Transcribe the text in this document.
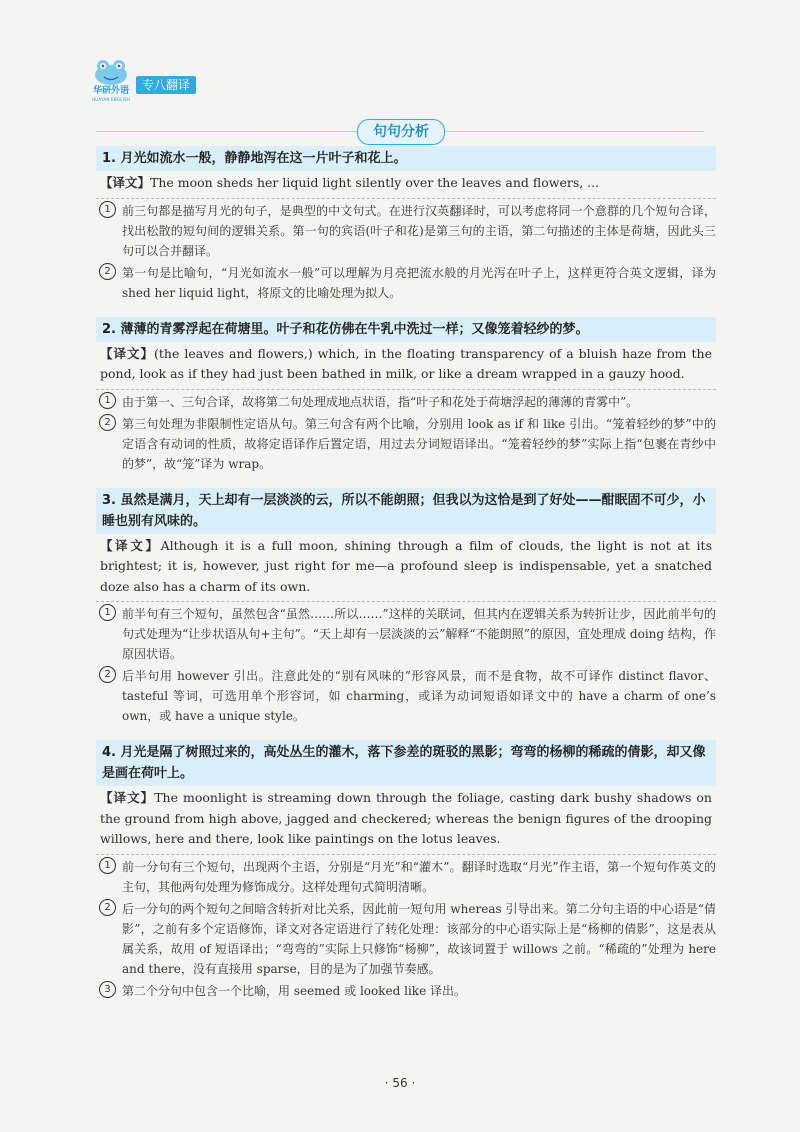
华研外语
HUAYAN ENGLISH
专八翻译
句句分析
1. 月光如流水一般，静静地泻在这一片叶子和花上。
【译文】The moon sheds her liquid light silently over the leaves and flowers, ...
1 前三句都是描写月光的句子，是典型的中文句式。在进行汉英翻译时，可以考虑将同一个意群的几个短句合译，找出松散的短句间的逻辑关系。第一句的宾语(叶子和花)是第三句的主语，第二句描述的主体是荷塘，因此头三句可以合并翻译。
2 第一句是比喻句，“月光如流水一般”可以理解为月亮把流水般的月光泻在叶子上，这样更符合英文逻辑，译为 shed her liquid light，将原文的比喻处理为拟人。
2. 薄薄的青雾浮起在荷塘里。叶子和花仿佛在牛乳中洗过一样；又像笼着轻纱的梦。
【译文】(the leaves and flowers,) which, in the floating transparency of a bluish haze from the pond, look as if they had just been bathed in milk, or like a dream wrapped in a gauzy hood.
1 由于第一、三句合译，故将第二句处理成地点状语，指“叶子和花处于荷塘浮起的薄薄的青雾中”。
2 第三句处理为非限制性定语从句。第三句含有两个比喻，分别用 look as if 和 like 引出。“笼着轻纱的梦”中的定语含有动词的性质，故将定语译作后置定语，用过去分词短语译出。“笼着轻纱的梦”实际上指“包裹在青纱中的梦”，故“笼”译为 wrap。
3. 虽然是满月，天上却有一层淡淡的云，所以不能朗照；但我以为这恰是到了好处——酣眠固不可少，小睡也别有风味的。
【译文】Although it is a full moon, shining through a film of clouds, the light is not at its brightest; it is, however, just right for me—a profound sleep is indispensable, yet a snatched doze also has a charm of its own.
1 前半句有三个短句，虽然包含“虽然……所以……”这样的关联词，但其内在逻辑关系为转折让步，因此前半句的句式处理为“让步状语从句+主句”。“天上却有一层淡淡的云”解释“不能朗照”的原因，宜处理成 doing 结构，作原因状语。
2 后半句用 however 引出。注意此处的“别有风味的”形容风景，而不是食物，故不可译作 distinct flavor、tasteful 等词，可选用单个形容词，如 charming，或译为动词短语如译文中的 have a charm of one’s own，或 have a unique style。
4. 月光是隔了树照过来的，高处丛生的灌木，落下参差的斑驳的黑影；弯弯的杨柳的稀疏的倩影，却又像是画在荷叶上。
【译文】The moonlight is streaming down through the foliage, casting dark bushy shadows on the ground from high above, jagged and checkered; whereas the benign figures of the drooping willows, here and there, look like paintings on the lotus leaves.
1 前一分句有三个短句，出现两个主语，分别是“月光”和“灌木”。翻译时选取“月光”作主语，第一个短句作英文的主句，其他两句处理为修饰成分。这样处理句式简明清晰。
2 后一分句的两个短句之间暗含转折对比关系，因此前一短句用 whereas 引导出来。第二分句主语的中心语是“倩影”，之前有多个定语修饰，译文对各定语进行了转化处理：该部分的中心语实际上是“杨柳的倩影”，这是表从属关系，故用 of 短语译出；“弯弯的”实际上只修饰“杨柳”，故该词置于 willows 之前。“稀疏的”处理为 here and there，没有直接用 sparse，目的是为了加强节奏感。
3 第二个分句中包含一个比喻，用 seemed 或 looked like 译出。
· 56 ·
